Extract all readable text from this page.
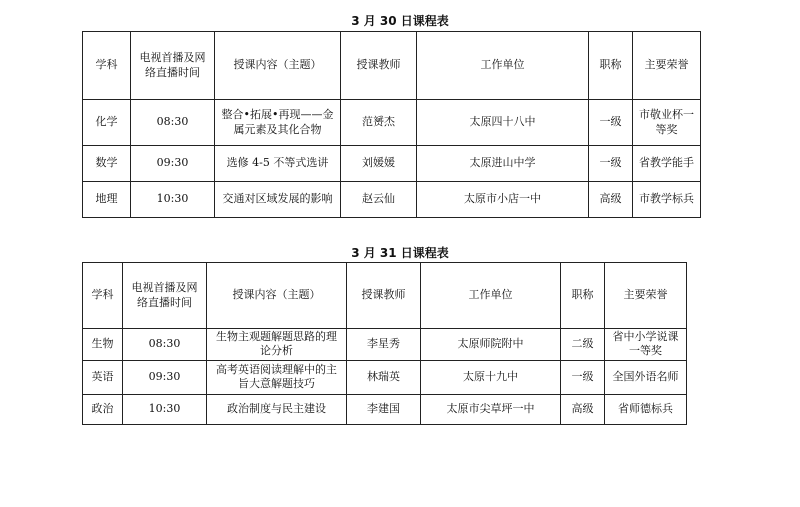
3 月 30 日课程表
学科	电视首播及网络直播时间	授课内容（主题）	授课教师	工作单位	职称	主要荣誉
化学	08:30	整合•拓展•再现——金属元素及其化合物	范赟杰	太原四十八中	一级	市敬业杯一等奖
数学	09:30	选修 4-5 不等式选讲	刘媛媛	太原进山中学	一级	省教学能手
地理	10:30	交通对区域发展的影响	赵云仙	太原市小店一中	高级	市教学标兵
3 月 31 日课程表
学科	电视首播及网络直播时间	授课内容（主题）	授课教师	工作单位	职称	主要荣誉
生物	08:30	生物主观题解题思路的理论分析	李星秀	太原师院附中	二级	省中小学说课一等奖
英语	09:30	高考英语阅读理解中的主旨大意解题技巧	林瑞英	太原十九中	一级	全国外语名师
政治	10:30	政治制度与民主建设	李建国	太原市尖草坪一中	高级	省师德标兵
